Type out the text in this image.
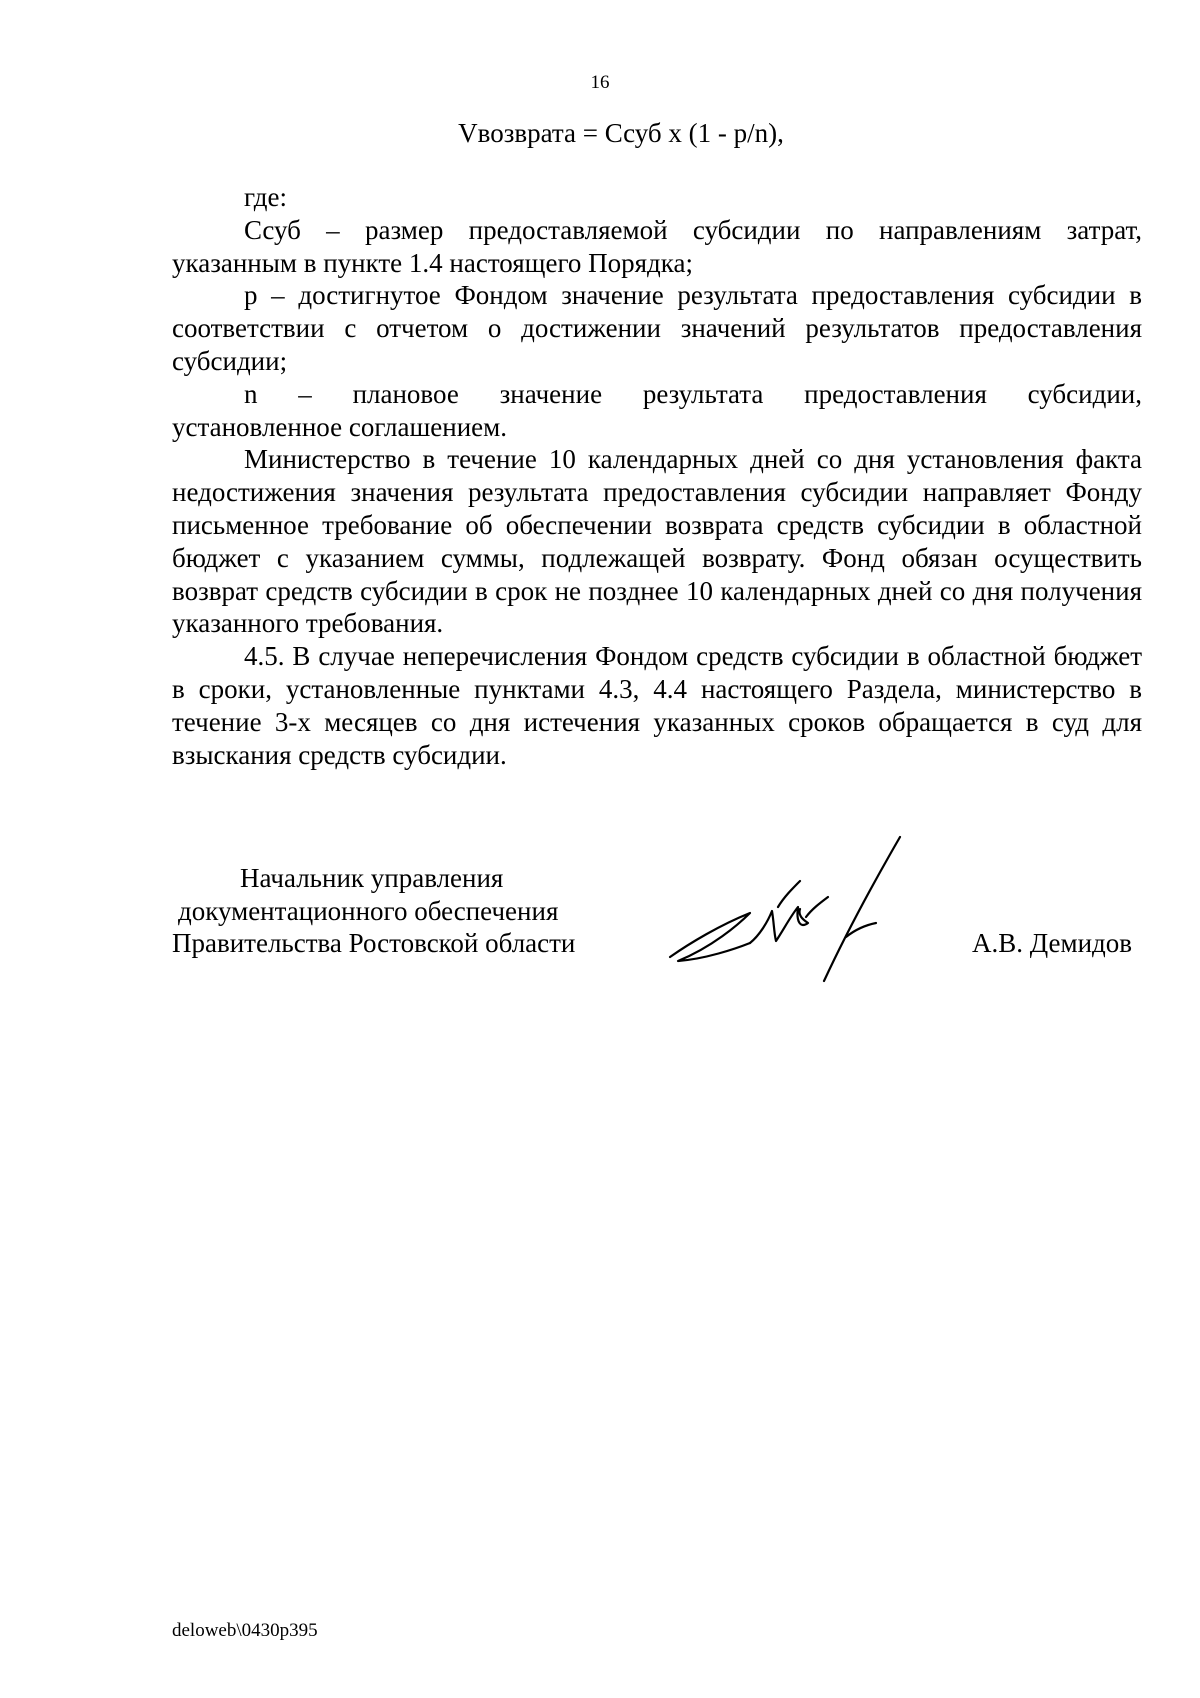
16
Vвозврата = Ссуб x (1 - p/n),

где:

Ссуб – размер предоставляемой субсидии по направлениям затрат, указанным в пункте 1.4 настоящего Порядка;

p – достигнутое Фондом значение результата предоставления субсидии в соответствии с отчетом о достижении значений результатов предоставления субсидии;

n – плановое значение результата предоставления субсидии,

установленное соглашением.

Министерство в течение 10 календарных дней со дня установления факта недостижения значения результата предоставления субсидии направляет Фонду письменное требование об обеспечении возврата средств субсидии в областной бюджет с указанием суммы, подлежащей возврату. Фонд обязан осуществить возврат средств субсидии в срок не позднее 10 календарных дней со дня получения указанного требования.

4.5. В случае неперечисления Фондом средств субсидии в областной бюджет в сроки, установленные пунктами 4.3, 4.4 настоящего Раздела, министерство в течение 3-х месяцев со дня истечения указанных сроков обращается в суд для взыскания средств субсидии.

Начальник управления
документационного обеспечения
Правительства Ростовской области	А.В. Демидов
deloweb\0430p395
